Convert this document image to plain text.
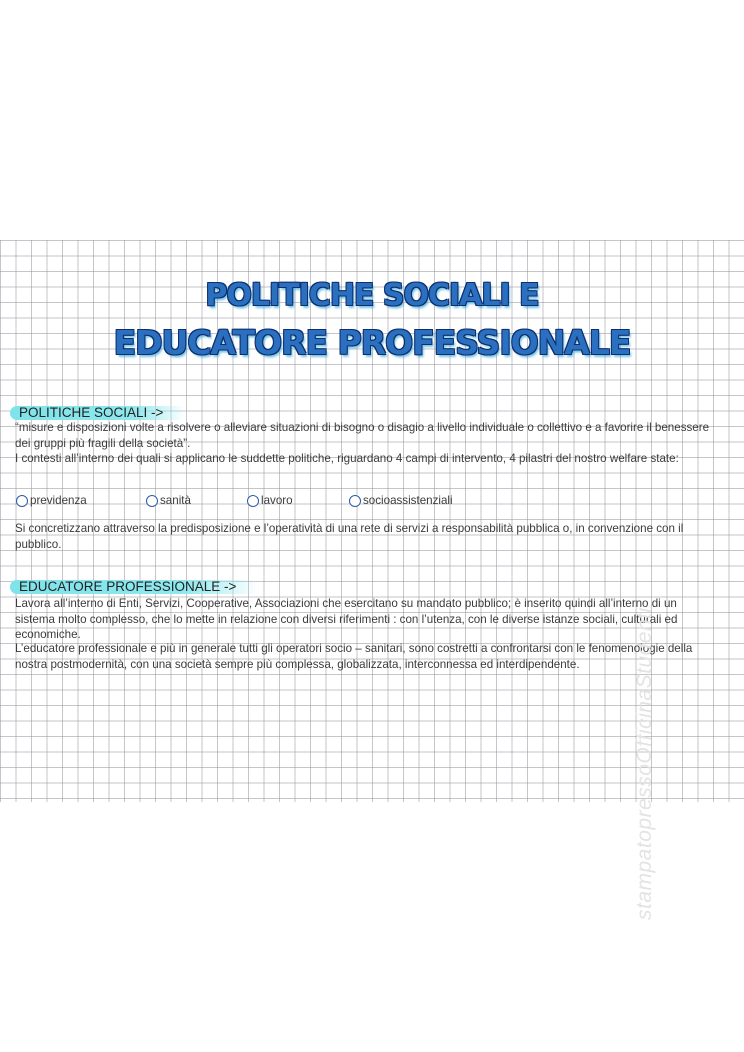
POLITICHE SOCIALI E
EDUCATORE PROFESSIONALE
POLITICHE SOCIALI ->

“misure e disposizioni volte a risolvere o alleviare situazioni di bisogno o disagio a livello individuale o collettivo e a favorire il benessere dei gruppi più fragili della società”.

I contesti all’interno dei quali si applicano le suddette politiche, riguardano 4 campi di intervento, 4 pilastri del nostro welfare state:

previdenza	sanità	lavoro	socioassistenziali

Si concretizzano attraverso la predisposizione e l’operatività di una rete di servizi a responsabilità pubblica o, in convenzione con il pubblico.

EDUCATORE PROFESSIONALE ->

Lavora all’interno di Enti, Servizi, Cooperative, Associazioni che esercitano su mandato pubblico; è inserito quindi all’interno di un sistema molto complesso, che lo mette in relazione con diversi riferimenti : con l’utenza, con le diverse istanze sociali, culturali ed economiche.

L’educatore professionale e più in generale tutti gli operatori socio – sanitari, sono costretti a confrontarsi con le fenomenologie della nostra postmodernità, con una società sempre più complessa, globalizzata, interconnessa ed interdipendente.	stampatopressoOfficinaStudenti
